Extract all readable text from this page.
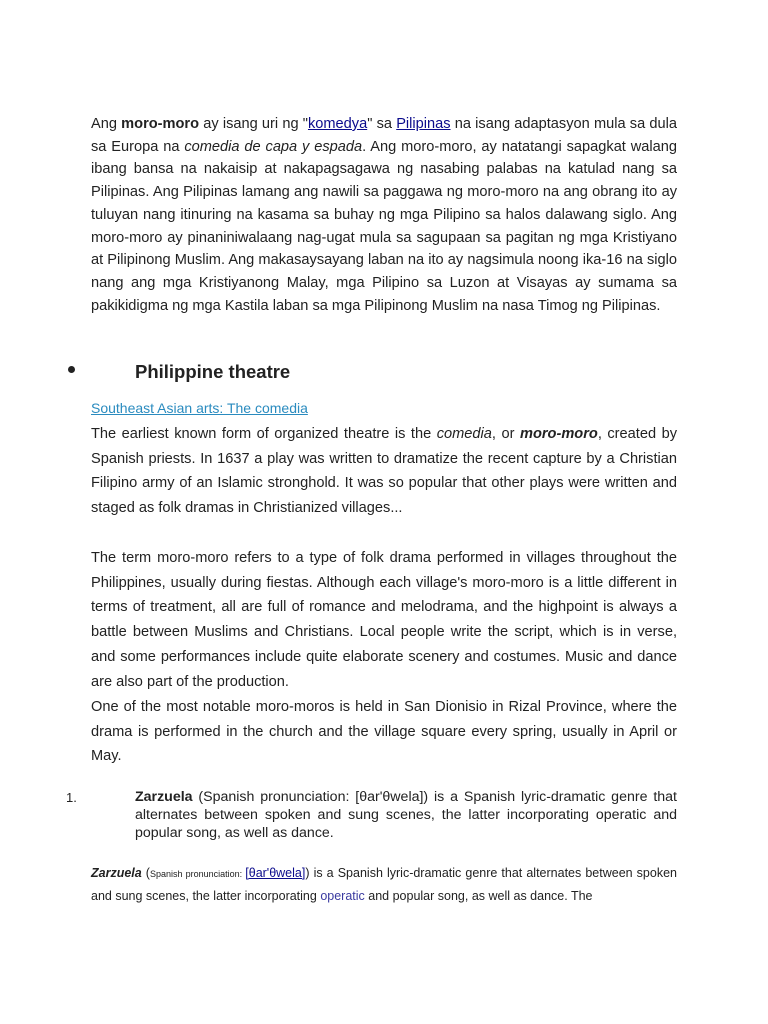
Ang moro-moro ay isang uri ng "komedya" sa Pilipinas na isang adaptasyon mula sa dula sa Europa na comedia de capa y espada. Ang moro-moro, ay natatangi sapagkat walang ibang bansa na nakaisip at nakapagsagawa ng nasabing palabas na katulad nang sa Pilipinas. Ang Pilipinas lamang ang nawili sa paggawa ng moro-moro na ang obrang ito ay tuluyan nang itinuring na kasama sa buhay ng mga Pilipino sa halos dalawang siglo. Ang moro-moro ay pinaniniwalaang nag-ugat mula sa sagupaan sa pagitan ng mga Kristiyano at Pilipinong Muslim. Ang makasaysayang laban na ito ay nagsimula noong ika-16 na siglo nang ang mga Kristiyanong Malay, mga Pilipino sa Luzon at Visayas ay sumama sa pakikidigma ng mga Kastila laban sa mga Pilipinong Muslim na nasa Timog ng Pilipinas.

Philippine theatre
Southeast Asian arts: The comedia

The earliest known form of organized theatre is the comedia, or moro-moro, created by Spanish priests. In 1637 a play was written to dramatize the recent capture by a Christian Filipino army of an Islamic stronghold. It was so popular that other plays were written and staged as folk dramas in Christianized villages...

The term moro-moro refers to a type of folk drama performed in villages throughout the Philippines, usually during fiestas. Although each village's moro-moro is a little different in terms of treatment, all are full of romance and melodrama, and the highpoint is always a battle between Muslims and Christians. Local people write the script, which is in verse, and some performances include quite elaborate scenery and costumes. Music and dance are also part of the production.

One of the most notable moro-moros is held in San Dionisio in Rizal Province, where the drama is performed in the church and the village square every spring, usually in April or May.

1.	Zarzuela (Spanish pronunciation: [θar'θwela]) is a Spanish lyric-dramatic genre that alternates between spoken and sung scenes, the latter incorporating operatic and popular song, as well as dance.

Zarzuela (Spanish pronunciation: [θar'θwela]) is a Spanish lyric-dramatic genre that alternates between spoken and sung scenes, the latter incorporating operatic and popular song, as well as dance. The
